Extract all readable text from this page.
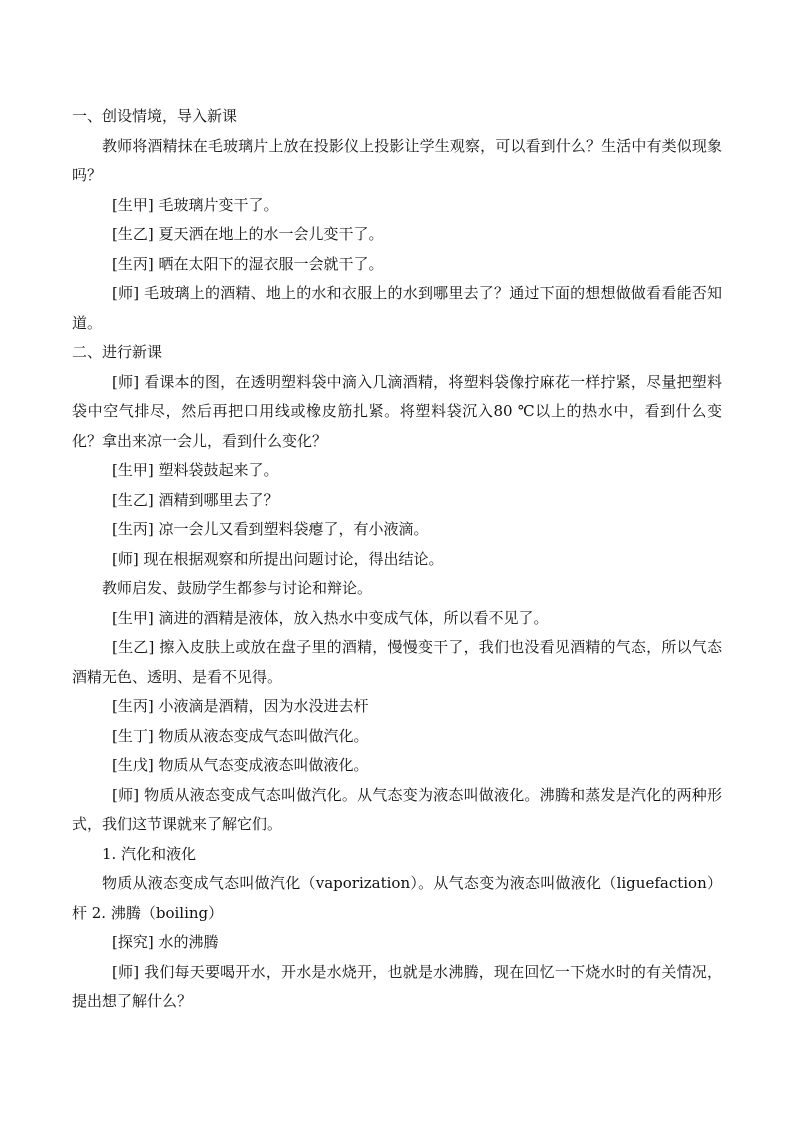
一、创设情境，导入新课

教师将酒精抹在毛玻璃片上放在投影仪上投影让学生观察，可以看到什么？生活中有类似现象吗？

[生甲] 毛玻璃片变干了。

[生乙] 夏天洒在地上的水一会儿变干了。

[生丙] 晒在太阳下的湿衣服一会就干了。

[师] 毛玻璃上的酒精、地上的水和衣服上的水到哪里去了？通过下面的想想做做看看能否知道。

二、进行新课

[师] 看课本的图，在透明塑料袋中滴入几滴酒精，将塑料袋像拧麻花一样拧紧，尽量把塑料袋中空气排尽，然后再把口用线或橡皮筋扎紧。将塑料袋沉入80 ℃以上的热水中，看到什么变化？拿出来凉一会儿，看到什么变化？

[生甲] 塑料袋鼓起来了。

[生乙] 酒精到哪里去了？

[生丙] 凉一会儿又看到塑料袋瘪了，有小液滴。

[师] 现在根据观察和所提出问题讨论，得出结论。

教师启发、鼓励学生都参与讨论和辩论。

[生甲] 滴进的酒精是液体，放入热水中变成气体，所以看不见了。

[生乙] 擦入皮肤上或放在盘子里的酒精，慢慢变干了，我们也没看见酒精的气态，所以气态酒精无色、透明、是看不见得。

[生丙] 小液滴是酒精，因为水没进去杆

[生丁] 物质从液态变成气态叫做汽化。

[生戊] 物质从气态变成液态叫做液化。

[师] 物质从液态变成气态叫做汽化。从气态变为液态叫做液化。沸腾和蒸发是汽化的两种形式，我们这节课就来了解它们。

1. 汽化和液化

物质从液态变成气态叫做汽化（vaporization）。从气态变为液态叫做液化（liguefaction）杆 2. 沸腾（boiling）

[探究] 水的沸腾

[师] 我们每天要喝开水，开水是水烧开，也就是水沸腾，现在回忆一下烧水时的有关情况，提出想了解什么？
